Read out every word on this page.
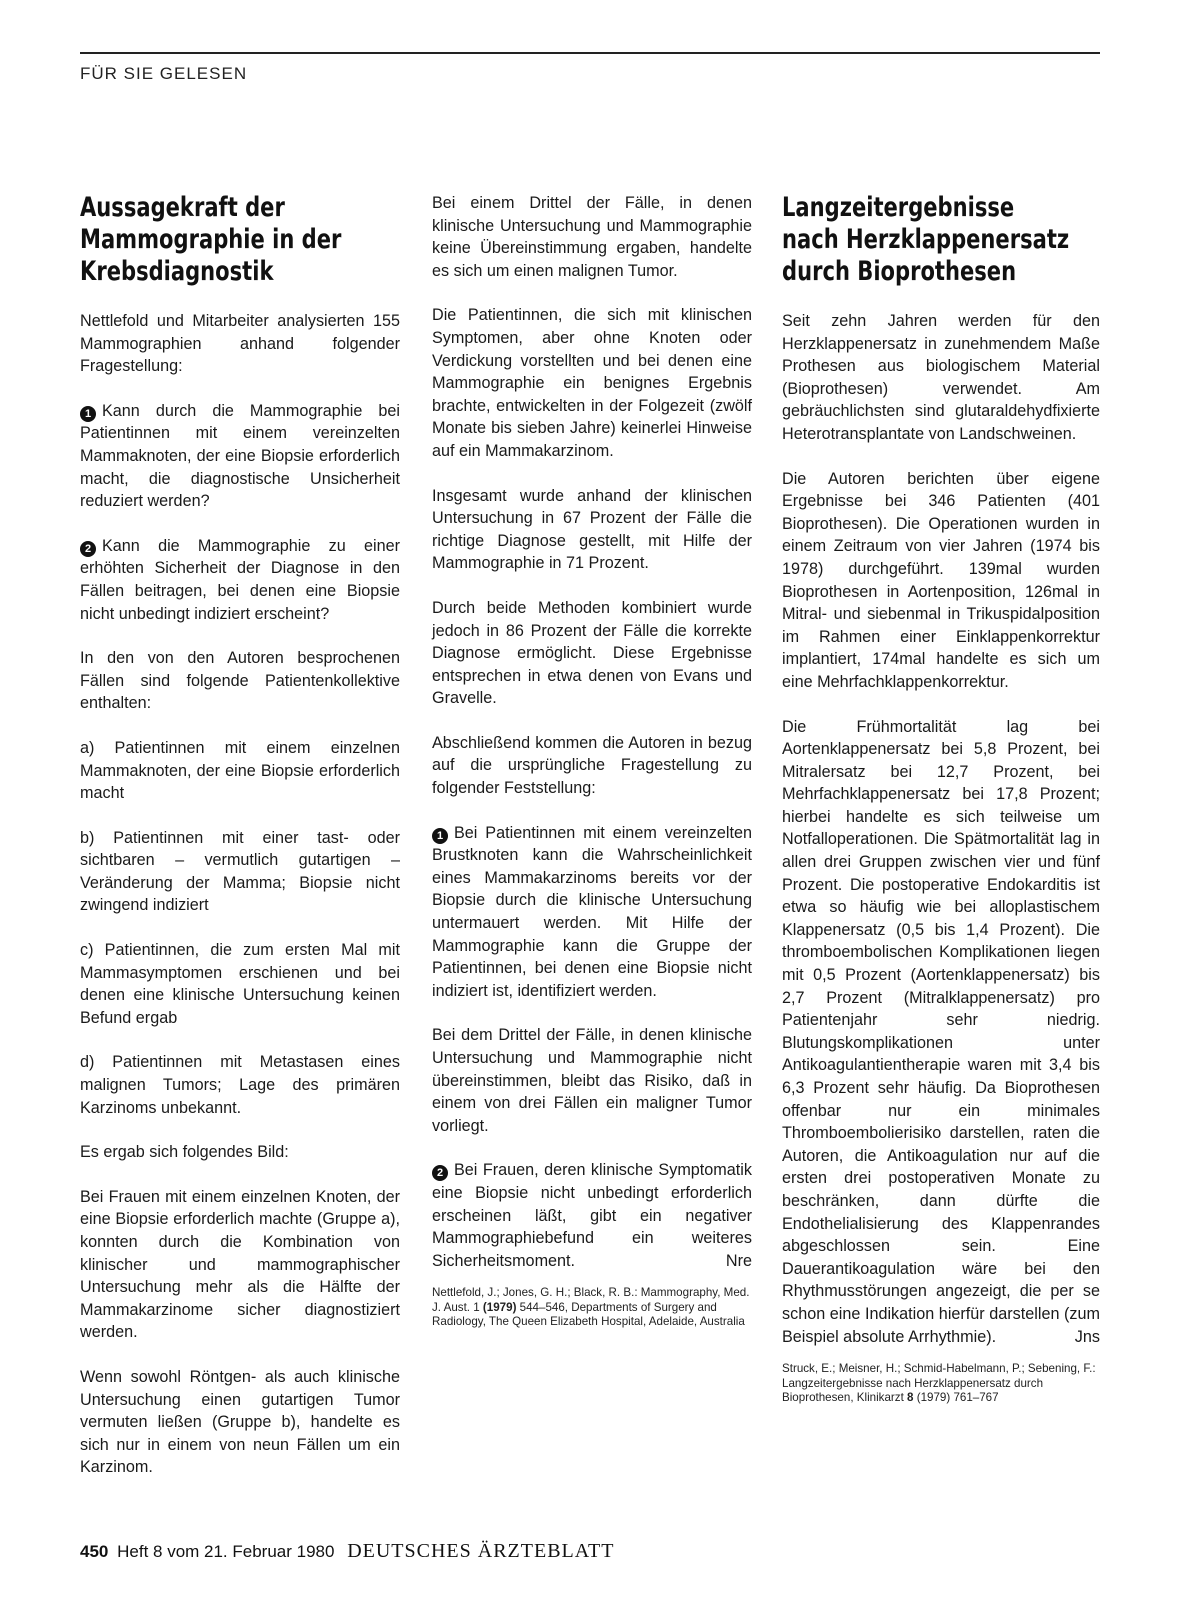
FÜR SIE GELESEN
Aussagekraft der
Mammographie in der
Krebsdiagnostik

Nettlefold und Mitarbeiter analysierten 155 Mammographien anhand folgender Fragestellung:

1 Kann durch die Mammographie bei Patientinnen mit einem vereinzelten Mammaknoten, der eine Biopsie erforderlich macht, die diagnostische Unsicherheit reduziert werden?

2 Kann die Mammographie zu einer erhöhten Sicherheit der Diagnose in den Fällen beitragen, bei denen eine Biopsie nicht unbedingt indiziert erscheint?

In den von den Autoren besprochenen Fällen sind folgende Patientenkollektive enthalten:

a) Patientinnen mit einem einzelnen Mammaknoten, der eine Biopsie erforderlich macht

b) Patientinnen mit einer tast- oder sichtbaren – vermutlich gutartigen – Veränderung der Mamma; Biopsie nicht zwingend indiziert

c) Patientinnen, die zum ersten Mal mit Mammasymptomen erschienen und bei denen eine klinische Untersuchung keinen Befund ergab

d) Patientinnen mit Metastasen eines malignen Tumors; Lage des primären Karzinoms unbekannt.

Es ergab sich folgendes Bild:

Bei Frauen mit einem einzelnen Knoten, der eine Biopsie erforderlich machte (Gruppe a), konnten durch die Kombination von klinischer und mammographischer Untersuchung mehr als die Hälfte der Mammakarzinome sicher diagnostiziert werden.

Wenn sowohl Röntgen- als auch klinische Untersuchung einen gutartigen Tumor vermuten ließen (Gruppe b), handelte es sich nur in einem von neun Fällen um ein Karzinom.

Bei einem Drittel der Fälle, in denen klinische Untersuchung und Mammographie keine Übereinstimmung ergaben, handelte es sich um einen malignen Tumor.

Die Patientinnen, die sich mit klinischen Symptomen, aber ohne Knoten oder Verdickung vorstellten und bei denen eine Mammographie ein benignes Ergebnis brachte, entwickelten in der Folgezeit (zwölf Monate bis sieben Jahre) keinerlei Hinweise auf ein Mammakarzinom.

Insgesamt wurde anhand der klinischen Untersuchung in 67 Prozent der Fälle die richtige Diagnose gestellt, mit Hilfe der Mammographie in 71 Prozent.

Durch beide Methoden kombiniert wurde jedoch in 86 Prozent der Fälle die korrekte Diagnose ermöglicht. Diese Ergebnisse entsprechen in etwa denen von Evans und Gravelle.

Abschließend kommen die Autoren in bezug auf die ursprüngliche Fragestellung zu folgender Feststellung:

1 Bei Patientinnen mit einem vereinzelten Brustknoten kann die Wahrscheinlichkeit eines Mammakarzinoms bereits vor der Biopsie durch die klinische Untersuchung untermauert werden. Mit Hilfe der Mammographie kann die Gruppe der Patientinnen, bei denen eine Biopsie nicht indiziert ist, identifiziert werden.

Bei dem Drittel der Fälle, in denen klinische Untersuchung und Mammographie nicht übereinstimmen, bleibt das Risiko, daß in einem von drei Fällen ein maligner Tumor vorliegt.

2 Bei Frauen, deren klinische Symptomatik eine Biopsie nicht unbedingt erforderlich erscheinen läßt, gibt ein negativer Mammographiebefund ein weiteres Sicherheitsmoment.	Nre

Nettlefold, J.; Jones, G. H.; Black, R. B.: Mammography, Med. J. Aust. 1 (1979) 544–546, Departments of Surgery and Radiology, The Queen Elizabeth Hospital, Adelaide, Australia

Langzeitergebnisse
nach Herzklappenersatz
durch Bioprothesen

Seit zehn Jahren werden für den Herzklappenersatz in zunehmendem Maße Prothesen aus biologischem Material (Bioprothesen) verwendet. Am gebräuchlichsten sind glutaraldehydfixierte Heterotransplantate von Landschweinen.

Die Autoren berichten über eigene Ergebnisse bei 346 Patienten (401 Bioprothesen). Die Operationen wurden in einem Zeitraum von vier Jahren (1974 bis 1978) durchgeführt. 139mal wurden Bioprothesen in Aortenposition, 126mal in Mitral- und siebenmal in Trikuspidalposition im Rahmen einer Einklappenkorrektur implantiert, 174mal handelte es sich um eine Mehrfachklappenkorrektur.

Die Frühmortalität lag bei Aortenklappenersatz bei 5,8 Prozent, bei Mitralersatz bei 12,7 Prozent, bei Mehrfachklappenersatz bei 17,8 Prozent; hierbei handelte es sich teilweise um Notfalloperationen. Die Spätmortalität lag in allen drei Gruppen zwischen vier und fünf Prozent. Die postoperative Endokarditis ist etwa so häufig wie bei alloplastischem Klappenersatz (0,5 bis 1,4 Prozent). Die thromboembolischen Komplikationen liegen mit 0,5 Prozent (Aortenklappenersatz) bis 2,7 Prozent (Mitralklappenersatz) pro Patientenjahr sehr niedrig. Blutungskomplikationen unter Antikoagulantientherapie waren mit 3,4 bis 6,3 Prozent sehr häufig. Da Bioprothesen offenbar nur ein minimales Thromboembolierisiko darstellen, raten die Autoren, die Antikoagulation nur auf die ersten drei postoperativen Monate zu beschränken, dann dürfte die Endothelialisierung des Klappenrandes abgeschlossen sein. Eine Dauerantikoagulation wäre bei den Rhythmusstörungen angezeigt, die per se schon eine Indikation hierfür darstellen (zum Beispiel absolute Arrhythmie).	Jns

Struck, E.; Meisner, H.; Schmid-Habelmann, P.; Sebening, F.: Langzeitergebnisse nach Herzklappenersatz durch Bioprothesen, Klinikarzt 8 (1979) 761–767

450 Heft 8 vom 21. Februar 1980 DEUTSCHES ÄRZTEBLATT
